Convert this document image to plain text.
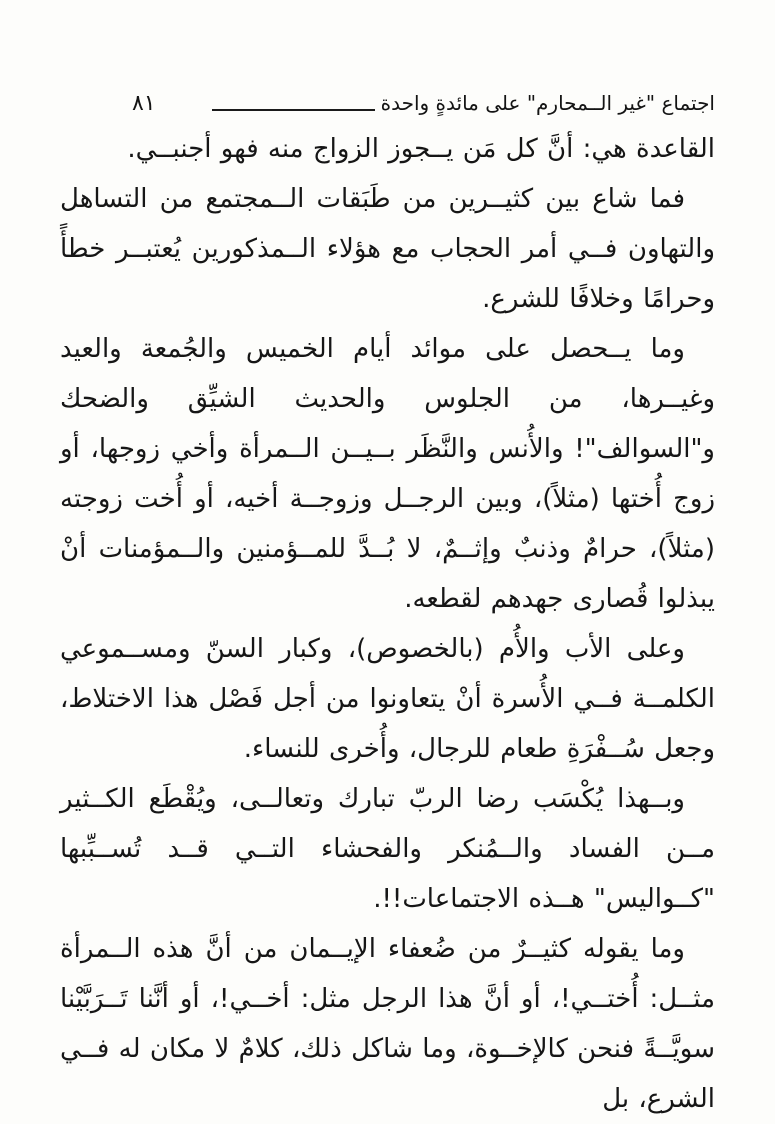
اجتماع "غير الــمحارم" على مائدةٍ واحدة
٨١

القاعدة هي: أنَّ كل مَن يــجوز الزواج منه فهو أجنبــي.

فما شاع بين كثيــرين من طَبَقات الــمجتمع من التساهل والتهاون فــي أمر الحجاب مع هؤلاء الــمذكورين يُعتبــر خطأً وحرامًا وخلافًا للشرع.

وما يــحصل على موائد أيام الخميس والجُمعة والعيد وغيــرها، من الجلوس والحديث الشيِّق والضحك و"السوالف"! والأُنس والنَّظَر بــيــن الــمرأة وأخي زوجها، أو زوج أُختها (مثلاً)، وبين الرجــل وزوجــة أخيه، أو أُخت زوجته (مثلاً)، حرامٌ وذنبٌ وإثــمٌ، لا بُــدَّ للمــؤمنين والــمؤمنات أنْ يبذلوا قُصارى جهدهم لقطعه.

وعلى الأب والأُم (بالخصوص)، وكبار السنّ ومســموعي الكلمــة فــي الأُسرة أنْ يتعاونوا من أجل فَصْل هذا الاختلاط، وجعل سُــفْرَةِ طعام للرجال، وأُخرى للنساء.

وبــهذا يُكْسَب رضا الربّ تبارك وتعالــى، ويُقْطَع الكــثير مــن الفساد والــمُنكر والفحشاء التــي قــد تُســبِّبها "كــواليس" هــذه الاجتماعات!!.

وما يقوله كثيــرٌ من ضُعفاء الإيــمان من أنَّ هذه الــمرأة مثــل: أُختــي!، أو أنَّ هذا الرجل مثل: أخــي!، أو أنَّنا تَــرَبَّيْنا سويَّــةً فنحن كالإخــوة، وما شاكل ذلك، كلامٌ لا مكان له فــي الشرع، بل
